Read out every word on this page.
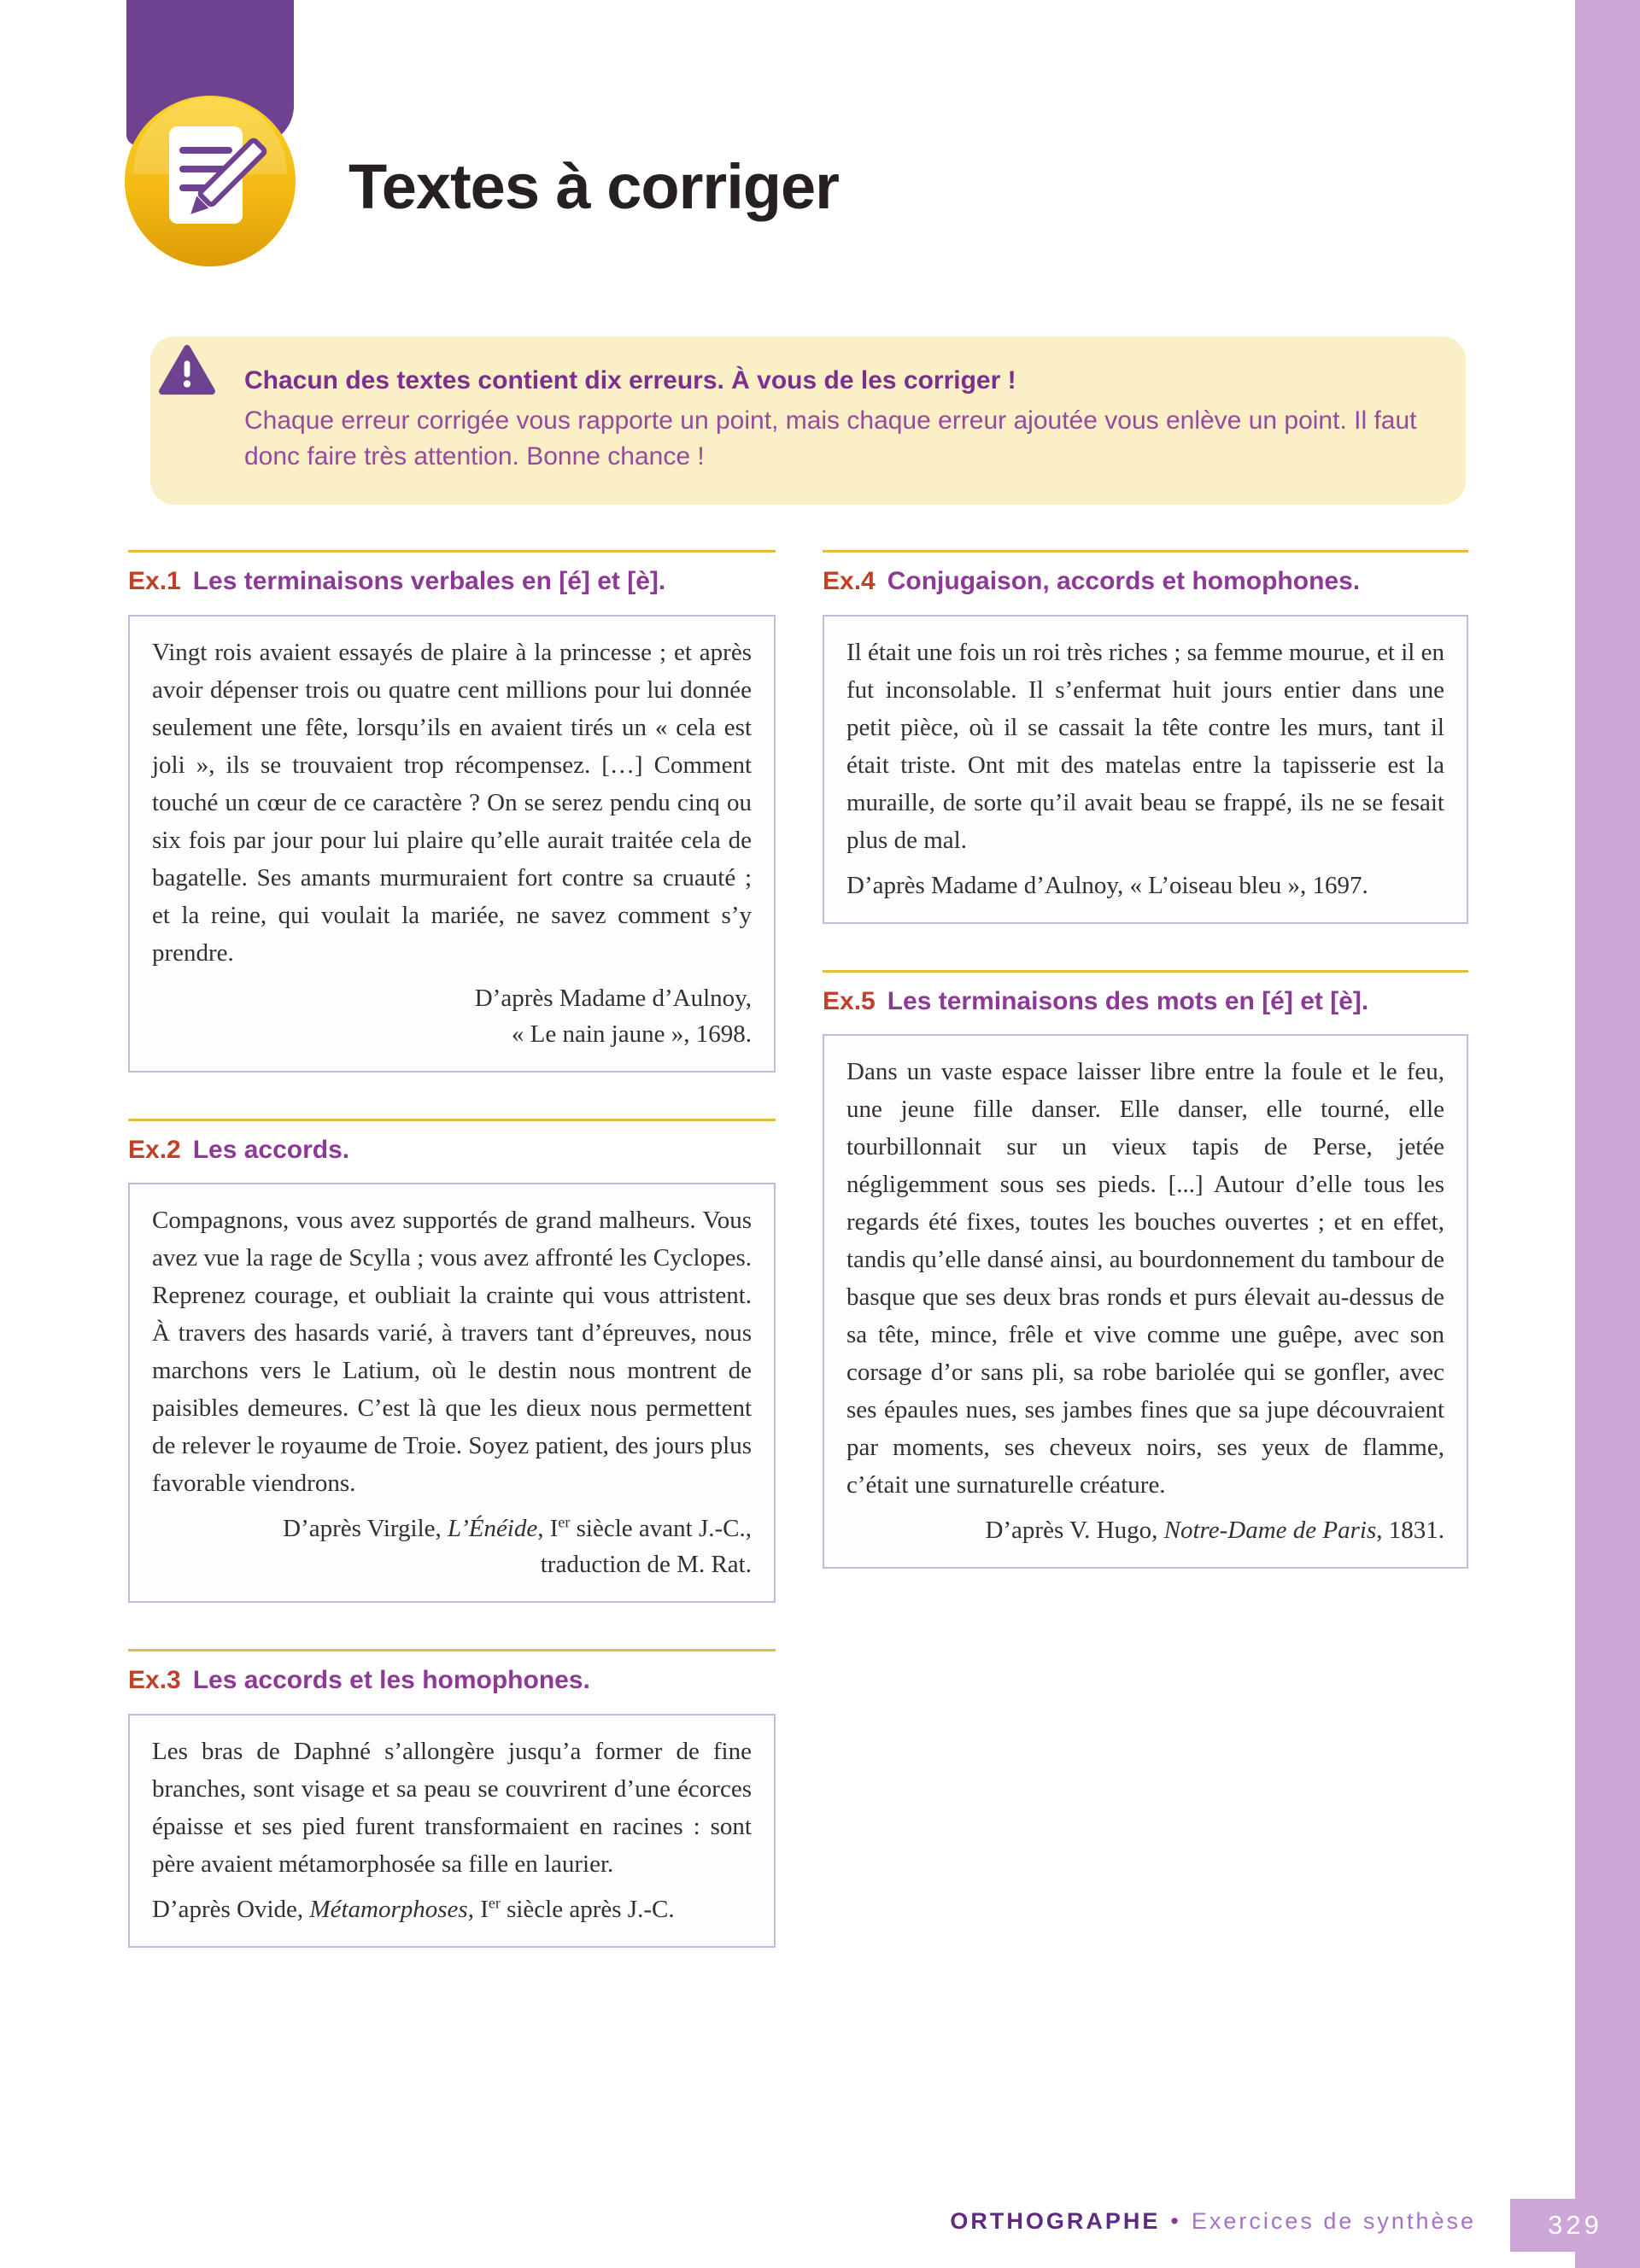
Textes à corriger

Chacun des textes contient dix erreurs. À vous de les corriger !

Chaque erreur corrigée vous rapporte un point, mais chaque erreur ajoutée vous enlève un point. Il faut donc faire très attention. Bonne chance !

Ex.1 Les terminaisons verbales en [é] et [è].

Vingt rois avaient essayés de plaire à la princesse ; et après avoir dépenser trois ou quatre cent millions pour lui donnée seulement une fête, lorsqu’ils en avaient tirés un « cela est joli », ils se trouvaient trop récompensez. […] Comment touché un cœur de ce caractère ? On se serez pendu cinq ou six fois par jour pour lui plaire qu’elle aurait traitée cela de bagatelle. Ses amants murmuraient fort contre sa cruauté ; et la reine, qui voulait la mariée, ne savez comment s’y prendre.

D’après Madame d’Aulnoy,
« Le nain jaune », 1698.

Ex.2 Les accords.

Compagnons, vous avez supportés de grand malheurs. Vous avez vue la rage de Scylla ; vous avez affronté les Cyclopes. Reprenez courage, et oubliait la crainte qui vous attristent. À travers des hasards varié, à travers tant d’épreuves, nous marchons vers le Latium, où le destin nous montrent de paisibles demeures. C’est là que les dieux nous permettent de relever le royaume de Troie. Soyez patient, des jours plus favorable viendrons.

D’après Virgile, L’Énéide, Ier siècle avant J.-C.,
traduction de M. Rat.

Ex.3 Les accords et les homophones.

Les bras de Daphné s’allongère jusqu’a former de fine branches, sont visage et sa peau se couvrirent d’une écorces épaisse et ses pied furent transformaient en racines : sont père avaient métamorphosée sa fille en laurier.

D’après Ovide, Métamorphoses, Ier siècle après J.-C.

Ex.4 Conjugaison, accords et homophones.

Il était une fois un roi très riches ; sa femme mourue, et il en fut inconsolable. Il s’enfermat huit jours entier dans une petit pièce, où il se cassait la tête contre les murs, tant il était triste. Ont mit des matelas entre la tapisserie est la muraille, de sorte qu’il avait beau se frappé, ils ne se fesait plus de mal.

D’après Madame d’Aulnoy, « L’oiseau bleu », 1697.

Ex.5 Les terminaisons des mots en [é] et [è].

Dans un vaste espace laisser libre entre la foule et le feu, une jeune fille danser. Elle danser, elle tourné, elle tourbillonnait sur un vieux tapis de Perse, jetée négligemment sous ses pieds. [...] Autour d’elle tous les regards été fixes, toutes les bouches ouvertes ; et en effet, tandis qu’elle dansé ainsi, au bourdonnement du tambour de basque que ses deux bras ronds et purs élevait au-dessus de sa tête, mince, frêle et vive comme une guêpe, avec son corsage d’or sans pli, sa robe bariolée qui se gonfler, avec ses épaules nues, ses jambes fines que sa jupe découvraient par moments, ses cheveux noirs, ses yeux de flamme, c’était une surnaturelle créature.

D’après V. Hugo, Notre-Dame de Paris, 1831.

ORTHOGRAPHE • Exercices de synthèse	329
